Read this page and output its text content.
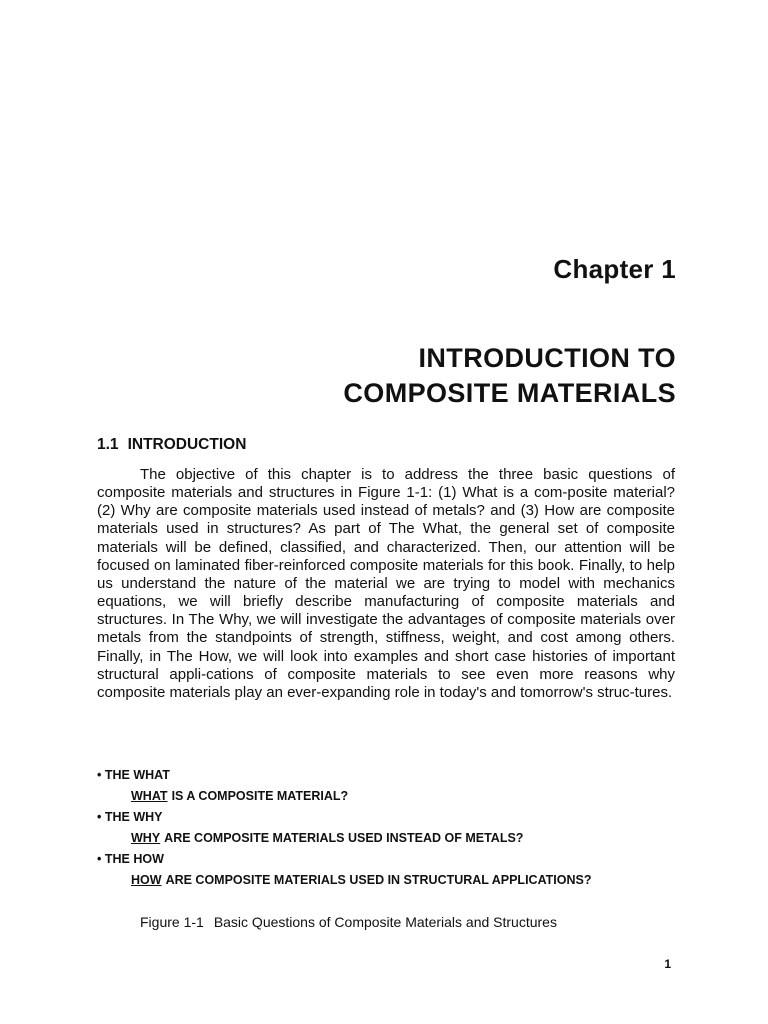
Chapter 1
INTRODUCTION TO
COMPOSITE MATERIALS
1.1 INTRODUCTION

The objective of this chapter is to address the three basic questions of composite materials and structures in Figure 1-1: (1) What is a com-posite material? (2) Why are composite materials used instead of metals? and (3) How are composite materials used in structures? As part of The What, the general set of composite materials will be defined, classified, and characterized. Then, our attention will be focused on laminated fiber-reinforced composite materials for this book. Finally, to help us understand the nature of the material we are trying to model with mechanics equations, we will briefly describe manufacturing of composite materials and structures. In The Why, we will investigate the advantages of composite materials over metals from the standpoints of strength, stiffness, weight, and cost among others. Finally, in The How, we will look into examples and short case histories of important structural appli-cations of composite materials to see even more reasons why composite materials play an ever-expanding role in today's and tomorrow's struc-tures.

• THE WHAT
WHAT IS A COMPOSITE MATERIAL?
• THE WHY
WHY ARE COMPOSITE MATERIALS USED INSTEAD OF METALS?
• THE HOW
HOW ARE COMPOSITE MATERIALS USED IN STRUCTURAL APPLICATIONS?

Figure 1-1 Basic Questions of Composite Materials and Structures

1
